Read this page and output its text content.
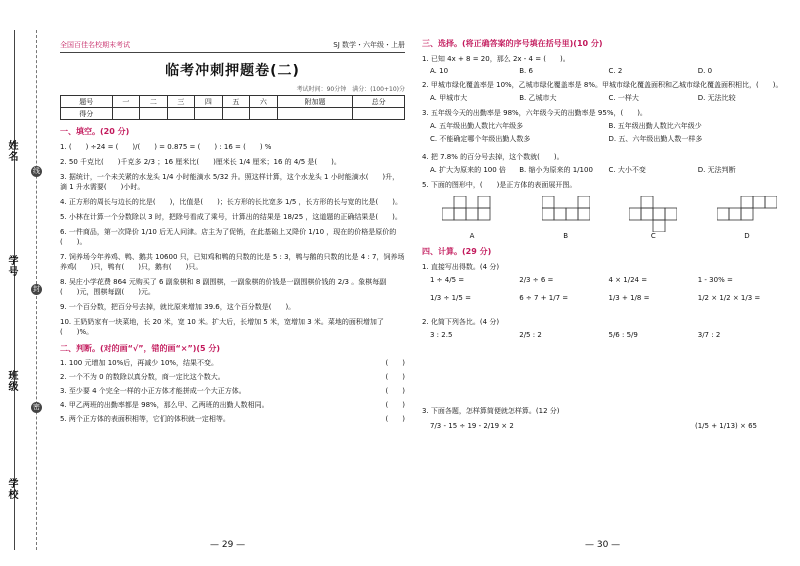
姓名
学号
班级
学校
线
封
密
全国百佳名校期末考试	SJ 数学・六年级・上册
临考冲刺押题卷(二)
考试时间：90分钟　满分：(100+10)分
题号	一	二	三	四	五	六	附加题	总分
得分								
一、填空。(20 分)
1. (　　) ÷24 = (　　)/(　　) = 0.875 = (　　) : 16 = (　　) %
2. 50 千克比(　　)千克多 2/3 ；16 厘米比(　　)厘米长 1/4 厘米；16 的 4/5 是(　　)。
3. 据统计，一个未关紧的水龙头 1/4 小时能滴水 5/32 升。照这样计算，这个水龙头 1 小时能滴水(　　)升，滴 1 升水需要(　　)小时。
4. 正方形的周长与边长的比是(　　)，比值是(　　)；长方形的长比宽多 1/5 ，长方形的长与宽的比是(　　)。
5. 小林在计算一个分数除以 3 时，把除号看成了乘号，计算出的结果是 18/25 ，这道题的正确结果是(　　)。
6. 一件商品，第一次降价 1/10 后无人问津。店主为了促销，在此基础上又降价 1/10 ，现在的价格是原价的(　　)。
7. 饲养场今年养鸡、鸭、鹅共 10600 只，已知鸡和鸭的只数的比是 5 : 3，鸭与鹅的只数的比是 4 : 7，饲养场养鸡(　　)只，鸭有(　　)只，鹅有(　　)只。
8. 吴庄小学花费 864 元购买了 6 副象棋和 8 副围棋，一副象棋的价钱是一副围棋价钱的 2/3 。象棋每副(　　)元，围棋每副(　　)元。
9. 一个百分数，把百分号去掉，就比原来增加 39.6，这个百分数是(　　)。
10. 王奶奶家有一块菜地，长 20 米，宽 10 米。扩大后，长增加 5 米，宽增加 3 米。菜地的面积增加了(　　)%。
二、判断。(对的画“√”，错的画“×”)(5 分)
1. 100 元增加 10%后，再减少 10%，结果不变。	(　　)
2. 一个不为 0 的数除以真分数，商一定比这个数大。	(　　)
3. 至少要 4 个完全一样的小正方体才能拼成一个大正方体。	(　　)
4. 甲乙两班的出勤率都是 98%，那么甲、乙两班的出勤人数相同。	(　　)
5. 两个正方体的表面积相等，它们的体积就一定相等。	(　　)
— 29 —
三、选择。(将正确答案的序号填在括号里)(10 分)
1. 已知 4x + 8 = 20，那么 2x - 4 = (　　)。
A. 10	B. 6	C. 2	D. 0
2. 甲城市绿化覆盖率是 10%，乙城市绿化覆盖率是 8%。甲城市绿化覆盖面积和乙城市绿化覆盖面积相比，(　　)。
A. 甲城市大	B. 乙城市大	C. 一样大	D. 无法比较
3. 五年级今天的出勤率是 98%，六年级今天的出勤率是 95%，(　　)。
A. 五年级出勤人数比六年级多	B. 五年级出勤人数比六年级少
C. 不能确定哪个年级出勤人数多	D. 五、六年级出勤人数一样多
4. 把 7.8% 的百分号去掉，这个数就(　　)。
A. 扩大为原来的 100 倍	B. 缩小为原来的 1/100	C. 大小不变	D. 无法判断
5. 下面的图形中，(　　)是正方体的表面展开图。
A	B	C	D
四、计算。(29 分)
1. 直接写出得数。(4 分)
1 ÷ 4/5 =	2/3 ÷ 6 =	4 × 1/24 =	1 - 30% =
1/3 ÷ 1/5 =	6 ÷ 7 + 1/7 =	1/3 + 1/8 =	1/2 × 1/2 × 1/3 =
2. 化简下列各比。(4 分)
3 : 2.5	2/5 : 2	5/6 : 5/9	3/7 : 2
3. 下面各题，怎样算简便就怎样算。(12 分)
7/3 - 15 ÷ 19 - 2/19 × 2	(1/5 + 1/13) × 65
— 30 —
